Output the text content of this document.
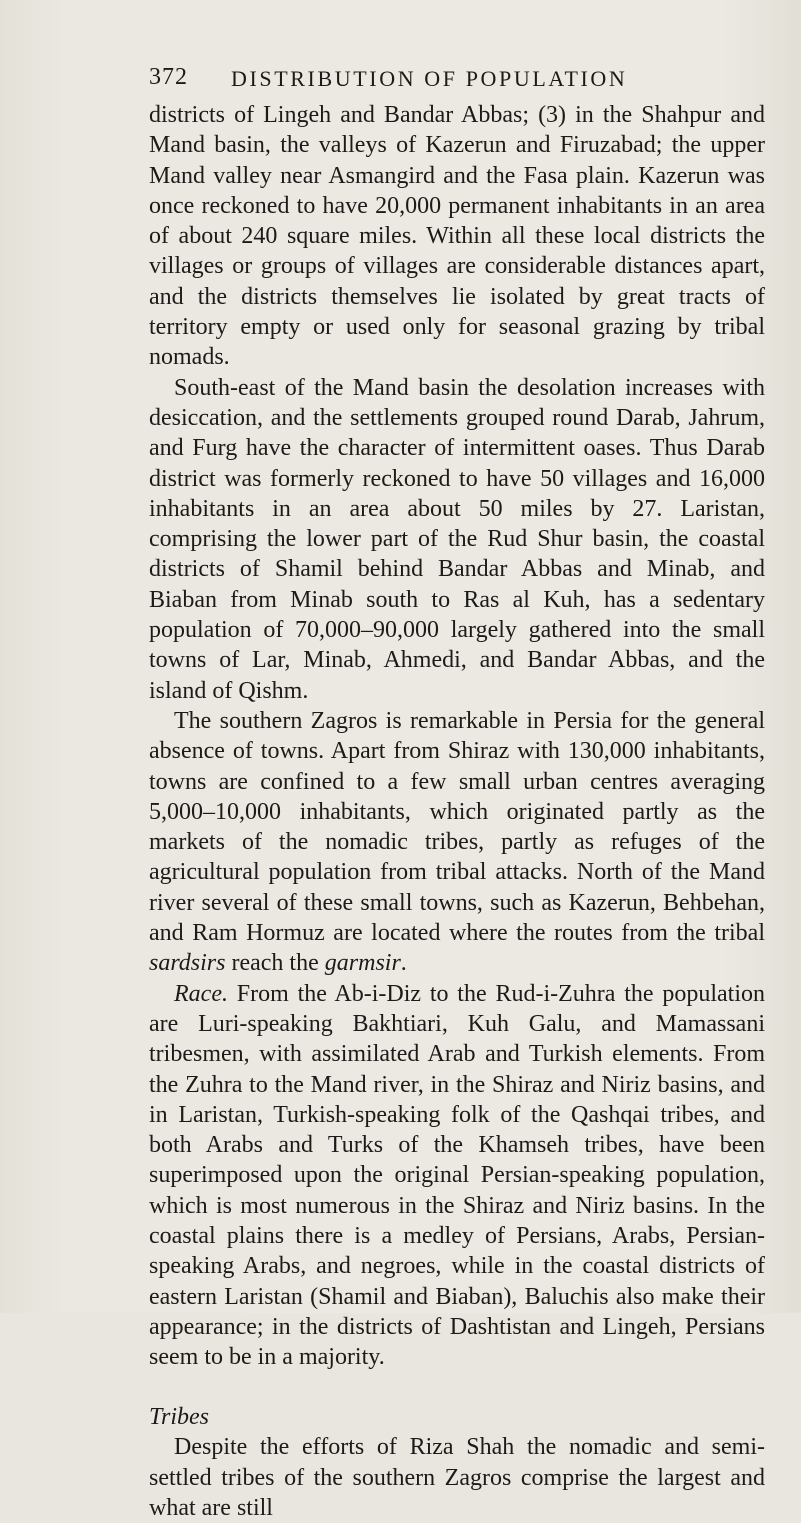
372 DISTRIBUTION OF POPULATION

districts of Lingeh and Bandar Abbas; (3) in the Shahpur and Mand basin, the valleys of Kazerun and Firuzabad; the upper Mand valley near Asmangird and the Fasa plain. Kazerun was once reckoned to have 20,000 permanent inhabitants in an area of about 240 square miles. Within all these local districts the villages or groups of villages are considerable distances apart, and the districts themselves lie isolated by great tracts of territory empty or used only for seasonal grazing by tribal nomads.

South-east of the Mand basin the desolation increases with desiccation, and the settlements grouped round Darab, Jahrum, and Furg have the character of intermittent oases. Thus Darab district was formerly reckoned to have 50 villages and 16,000 inhabitants in an area about 50 miles by 27. Laristan, comprising the lower part of the Rud Shur basin, the coastal districts of Shamil behind Bandar Abbas and Minab, and Biaban from Minab south to Ras al Kuh, has a sedentary population of 70,000–90,000 largely gathered into the small towns of Lar, Minab, Ahmedi, and Bandar Abbas, and the island of Qishm.

The southern Zagros is remarkable in Persia for the general absence of towns. Apart from Shiraz with 130,000 inhabitants, towns are confined to a few small urban centres averaging 5,000–10,000 inhabitants, which originated partly as the markets of the nomadic tribes, partly as refuges of the agricultural population from tribal attacks. North of the Mand river several of these small towns, such as Kazerun, Behbehan, and Ram Hormuz are located where the routes from the tribal sardsirs reach the garmsir.

Race. From the Ab-i-Diz to the Rud-i-Zuhra the population are Luri-speaking Bakhtiari, Kuh Galu, and Mamassani tribesmen, with assimilated Arab and Turkish elements. From the Zuhra to the Mand river, in the Shiraz and Niriz basins, and in Laristan, Turkish-speaking folk of the Qashqai tribes, and both Arabs and Turks of the Khamseh tribes, have been superimposed upon the original Persian-speaking population, which is most numerous in the Shiraz and Niriz basins. In the coastal plains there is a medley of Persians, Arabs, Persian-speaking Arabs, and negroes, while in the coastal districts of eastern Laristan (Shamil and Biaban), Baluchis also make their appearance; in the districts of Dashtistan and Lingeh, Persians seem to be in a majority.

Tribes

Despite the efforts of Riza Shah the nomadic and semi-settled tribes of the southern Zagros comprise the largest and what are still
